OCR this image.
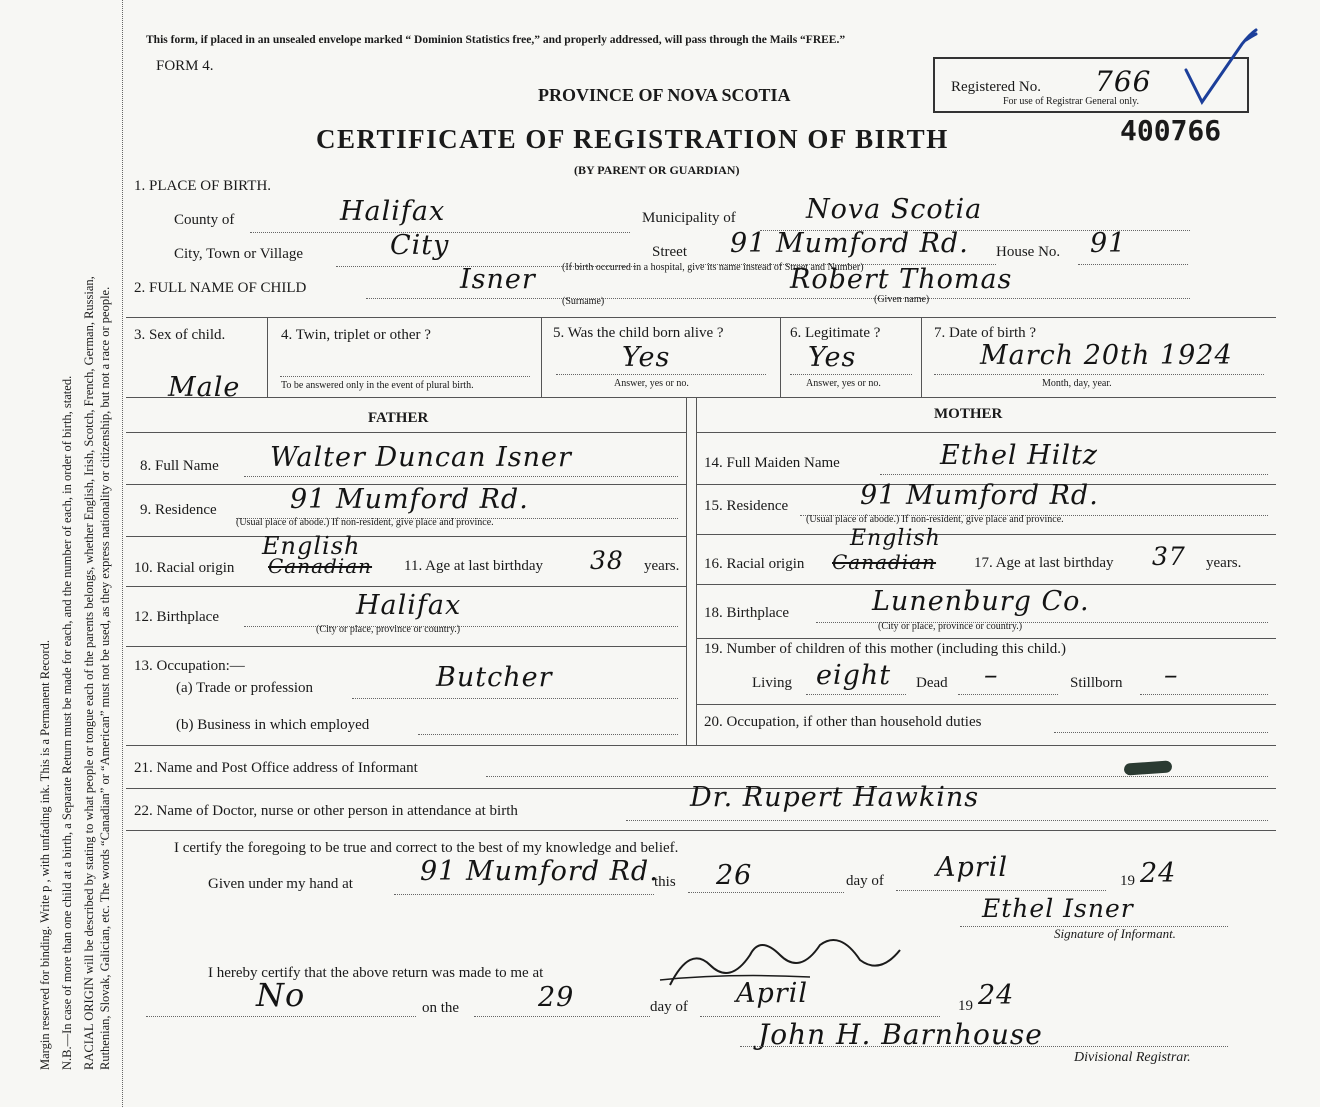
Margin reserved for binding. Write p , with unfading ink. This is a Permanent Record. N.B.—In case of more than one child at a birth, a Separate Return must be made for each, and the number of each, in order of birth, stated. RACIAL ORIGIN will be described by stating to what people or tongue each of the parents belongs, whether English, Irish, Scotch, French, German, Russian, Ruthenian, Slovak, Galician, etc. The words “Canadian” or “American” must not be used, as they express nationality or citizenship, but not a race or people.
This form, if placed in an unsealed envelope marked “ Dominion Statistics free,” and properly addressed, will pass through the Mails “FREE.”
FORM 4.
PROVINCE OF NOVA SCOTIA
CERTIFICATE OF REGISTRATION OF BIRTH
(BY PARENT OR GUARDIAN)
Registered No. 766
For use of Registrar General only.
400766
1. PLACE OF BIRTH.
County of	Halifax	Municipality of	Nova Scotia
City, Town or Village	City	Street 91 Mumford Rd. House No. 91
(If birth occurred in a hospital, give its name instead of Street and Number)
2. FULL NAME OF CHILD	Isner
(Surname)
Robert Thomas
(Given name)
3. Sex of child.
Male
4. Twin, triplet or other ?
To be answered only in the event of plural birth.
5. Was the child born alive ?
Yes
Answer, yes or no.
6. Legitimate ?
Yes
Answer, yes or no.
7. Date of birth ?
March 20th 1924
Month, day, year.
FATHER	MOTHER
8. Full Name Walter Duncan Isner
9. Residence	91 Mumford Rd.
(Usual place of abode.) If non-resident, give place and province.
10. Racial origin
English
Canadian 11. Age at last birthday 38 years.
12. Birthplace	Halifax
(City or place, province or country.)
13. Occupation:—
(a) Trade or profession	Butcher
(b) Business in which employed
14. Full Maiden Name	Ethel Hiltz
15. Residence	91 Mumford Rd.
(Usual place of abode.) If non-resident, give place and province.
16. Racial origin
English
Canadian	17. Age at last birthday 37 years.
18. Birthplace	Lunenburg Co.
(City or place, province or country.)
19. Number of children of this mother (including this child.)
Living eight Dead –	Stillborn –
20. Occupation, if other than household duties
21. Name and Post Office address of Informant
22. Name of Doctor, nurse or other person in attendance at birth	Dr. Rupert Hawkins
I certify the foregoing to be true and correct to the best of my knowledge and belief.
Given under my hand at 91 Mumford Rd.
this 26	day of April	19 24
Ethel Isner
Signature of Informant.
I hereby certify that the above return was made to me at
No	on the	29	day of April	19 24
John H. Barnhouse
Divisional Registrar.
